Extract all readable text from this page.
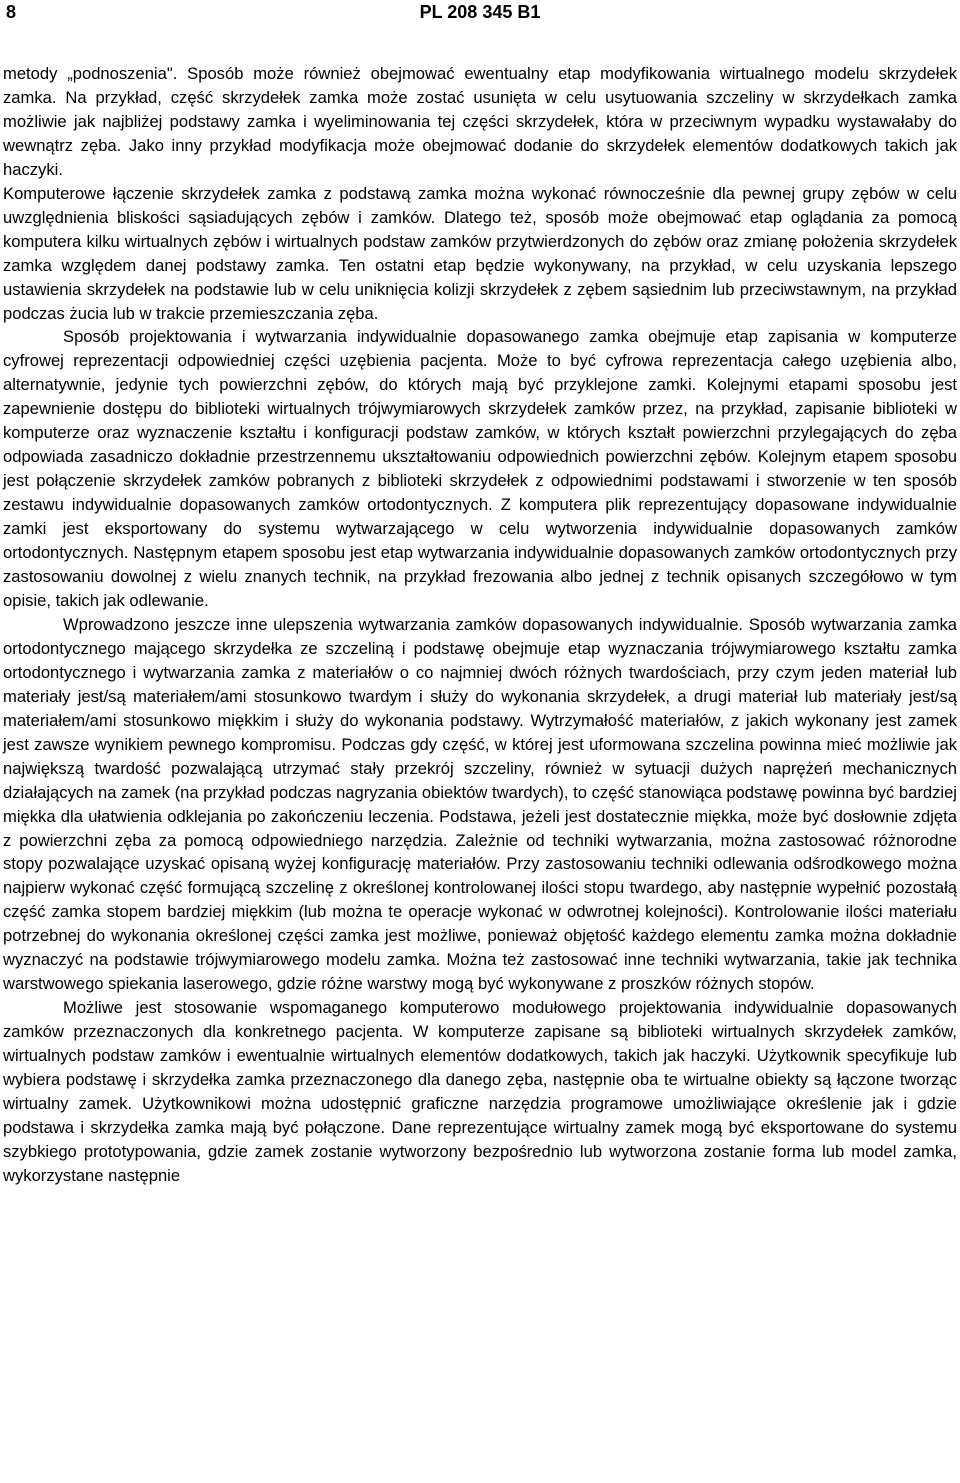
8	PL 208 345 B1

metody „podnoszenia". Sposób może również obejmować ewentualny etap modyfikowania wirtualnego modelu skrzydełek zamka. Na przykład, część skrzydełek zamka może zostać usunięta w celu usytuowania szczeliny w skrzydełkach zamka możliwie jak najbliżej podstawy zamka i wyeliminowania tej części skrzydełek, która w przeciwnym wypadku wystawałaby do wewnątrz zęba. Jako inny przykład modyfikacja może obejmować dodanie do skrzydełek elementów dodatkowych takich jak haczyki.

Komputerowe łączenie skrzydełek zamka z podstawą zamka można wykonać równocześnie dla pewnej grupy zębów w celu uwzględnienia bliskości sąsiadujących zębów i zamków. Dlatego też, sposób może obejmować etap oglądania za pomocą komputera kilku wirtualnych zębów i wirtualnych podstaw zamków przytwierdzonych do zębów oraz zmianę położenia skrzydełek zamka względem danej podstawy zamka. Ten ostatni etap będzie wykonywany, na przykład, w celu uzyskania lepszego ustawienia skrzydełek na podstawie lub w celu uniknięcia kolizji skrzydełek z zębem sąsiednim lub przeciwstawnym, na przykład podczas żucia lub w trakcie przemieszczania zęba.

Sposób projektowania i wytwarzania indywidualnie dopasowanego zamka obejmuje etap zapisania w komputerze cyfrowej reprezentacji odpowiedniej części uzębienia pacjenta. Może to być cyfrowa reprezentacja całego uzębienia albo, alternatywnie, jedynie tych powierzchni zębów, do których mają być przyklejone zamki. Kolejnymi etapami sposobu jest zapewnienie dostępu do biblioteki wirtualnych trójwymiarowych skrzydełek zamków przez, na przykład, zapisanie biblioteki w komputerze oraz wyznaczenie kształtu i konfiguracji podstaw zamków, w których kształt powierzchni przylegających do zęba odpowiada zasadniczo dokładnie przestrzennemu ukształtowaniu odpowiednich powierzchni zębów. Kolejnym etapem sposobu jest połączenie skrzydełek zamków pobranych z biblioteki skrzydełek z odpowiednimi podstawami i stworzenie w ten sposób zestawu indywidualnie dopasowanych zamków ortodontycznych. Z komputera plik reprezentujący dopasowane indywidualnie zamki jest eksportowany do systemu wytwarzającego w celu wytworzenia indywidualnie dopasowanych zamków ortodontycznych. Następnym etapem sposobu jest etap wytwarzania indywidualnie dopasowanych zamków ortodontycznych przy zastosowaniu dowolnej z wielu znanych technik, na przykład frezowania albo jednej z technik opisanych szczegółowo w tym opisie, takich jak odlewanie.

Wprowadzono jeszcze inne ulepszenia wytwarzania zamków dopasowanych indywidualnie. Sposób wytwarzania zamka ortodontycznego mającego skrzydełka ze szczeliną i podstawę obejmuje etap wyznaczania trójwymiarowego kształtu zamka ortodontycznego i wytwarzania zamka z materiałów o co najmniej dwóch różnych twardościach, przy czym jeden materiał lub materiały jest/są materiałem/ami stosunkowo twardym i służy do wykonania skrzydełek, a drugi materiał lub materiały jest/są materiałem/ami stosunkowo miękkim i służy do wykonania podstawy. Wytrzymałość materiałów, z jakich wykonany jest zamek jest zawsze wynikiem pewnego kompromisu. Podczas gdy część, w której jest uformowana szczelina powinna mieć możliwie jak największą twardość pozwalającą utrzymać stały przekrój szczeliny, również w sytuacji dużych naprężeń mechanicznych działających na zamek (na przykład podczas nagryzania obiektów twardych), to część stanowiąca podstawę powinna być bardziej miękka dla ułatwienia odklejania po zakończeniu leczenia. Podstawa, jeżeli jest dostatecznie miękka, może być dosłownie zdjęta z powierzchni zęba za pomocą odpowiedniego narzędzia. Zależnie od techniki wytwarzania, można zastosować różnorodne stopy pozwalające uzyskać opisaną wyżej konfigurację materiałów. Przy zastosowaniu techniki odlewania odśrodkowego można najpierw wykonać część formującą szczelinę z określonej kontrolowanej ilości stopu twardego, aby następnie wypełnić pozostałą część zamka stopem bardziej miękkim (lub można te operacje wykonać w odwrotnej kolejności). Kontrolowanie ilości materiału potrzebnej do wykonania określonej części zamka jest możliwe, ponieważ objętość każdego elementu zamka można dokładnie wyznaczyć na podstawie trójwymiarowego modelu zamka. Można też zastosować inne techniki wytwarzania, takie jak technika warstwowego spiekania laserowego, gdzie różne warstwy mogą być wykonywane z proszków różnych stopów.

Możliwe jest stosowanie wspomaganego komputerowo modułowego projektowania indywidualnie dopasowanych zamków przeznaczonych dla konkretnego pacjenta. W komputerze zapisane są biblioteki wirtualnych skrzydełek zamków, wirtualnych podstaw zamków i ewentualnie wirtualnych elementów dodatkowych, takich jak haczyki. Użytkownik specyfikuje lub wybiera podstawę i skrzydełka zamka przeznaczonego dla danego zęba, następnie oba te wirtualne obiekty są łączone tworząc wirtualny zamek. Użytkownikowi można udostępnić graficzne narzędzia programowe umożliwiające określenie jak i gdzie podstawa i skrzydełka zamka mają być połączone. Dane reprezentujące wirtualny zamek mogą być eksportowane do systemu szybkiego prototypowania, gdzie zamek zostanie wytworzony bezpośrednio lub wytworzona zostanie forma lub model zamka, wykorzystane następnie
